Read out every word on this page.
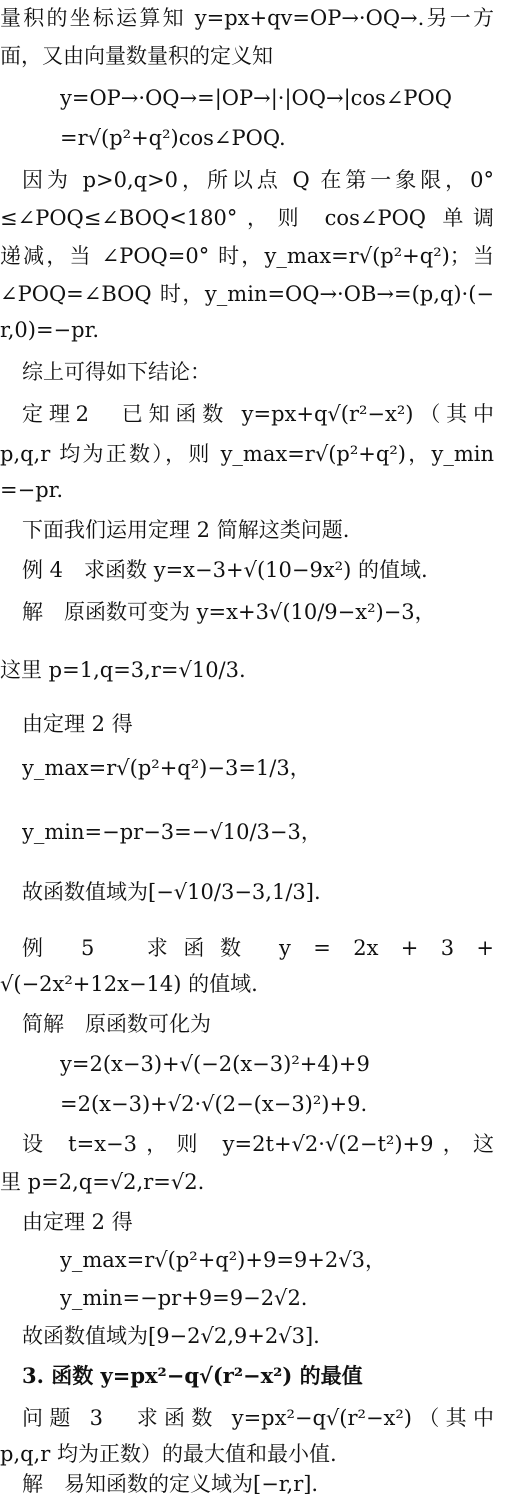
量积的坐标运算知 y=px+qv=OP→·OQ→.另一方
面，又由向量数量积的定义知
y=OP→·OQ→=|OP→|·|OQ→|cos∠POQ
=r√(p²+q²)cos∠POQ.
因为 p>0,q>0，所以点 Q 在第一象限，0°
≤∠POQ≤∠BOQ<180°，则 cos∠POQ 单调
递减，当 ∠POQ=0° 时，y_max=r√(p²+q²)；当
∠POQ=∠BOQ 时，y_min=OQ→·OB→=(p,q)·(−
r,0)=−pr.
综上可得如下结论：
定理2　已知函数 y=px+q√(r²−x²)（其中
p,q,r 均为正数），则 y_max=r√(p²+q²)，y_min
=−pr.
下面我们运用定理 2 简解这类问题.
例 4　求函数 y=x−3+√(10−9x²) 的值域.
解　原函数可变为 y=x+3√(10/9−x²)−3，
这里 p=1,q=3,r=√10/3.
由定理 2 得
y_max=r√(p²+q²)−3=1/3，
y_min=−pr−3=−√10/3−3，
故函数值域为[−√10/3−3,1/3].
例 5　求函数 y = 2x + 3 +
√(−2x²+12x−14) 的值域.
简解　原函数可化为
y=2(x−3)+√(−2(x−3)²+4)+9
=2(x−3)+√2·√(2−(x−3)²)+9.
设 t=x−3，则 y=2t+√2·√(2−t²)+9，这
里 p=2,q=√2,r=√2.
由定理 2 得
y_max=r√(p²+q²)+9=9+2√3，
y_min=−pr+9=9−2√2.
故函数值域为[9−2√2,9+2√3].
3. 函数 y=px²−q√(r²−x²) 的最值
问题 3　求函数 y=px²−q√(r²−x²)（其中
p,q,r 均为正数）的最大值和最小值.
解　易知函数的定义域为[−r,r].
